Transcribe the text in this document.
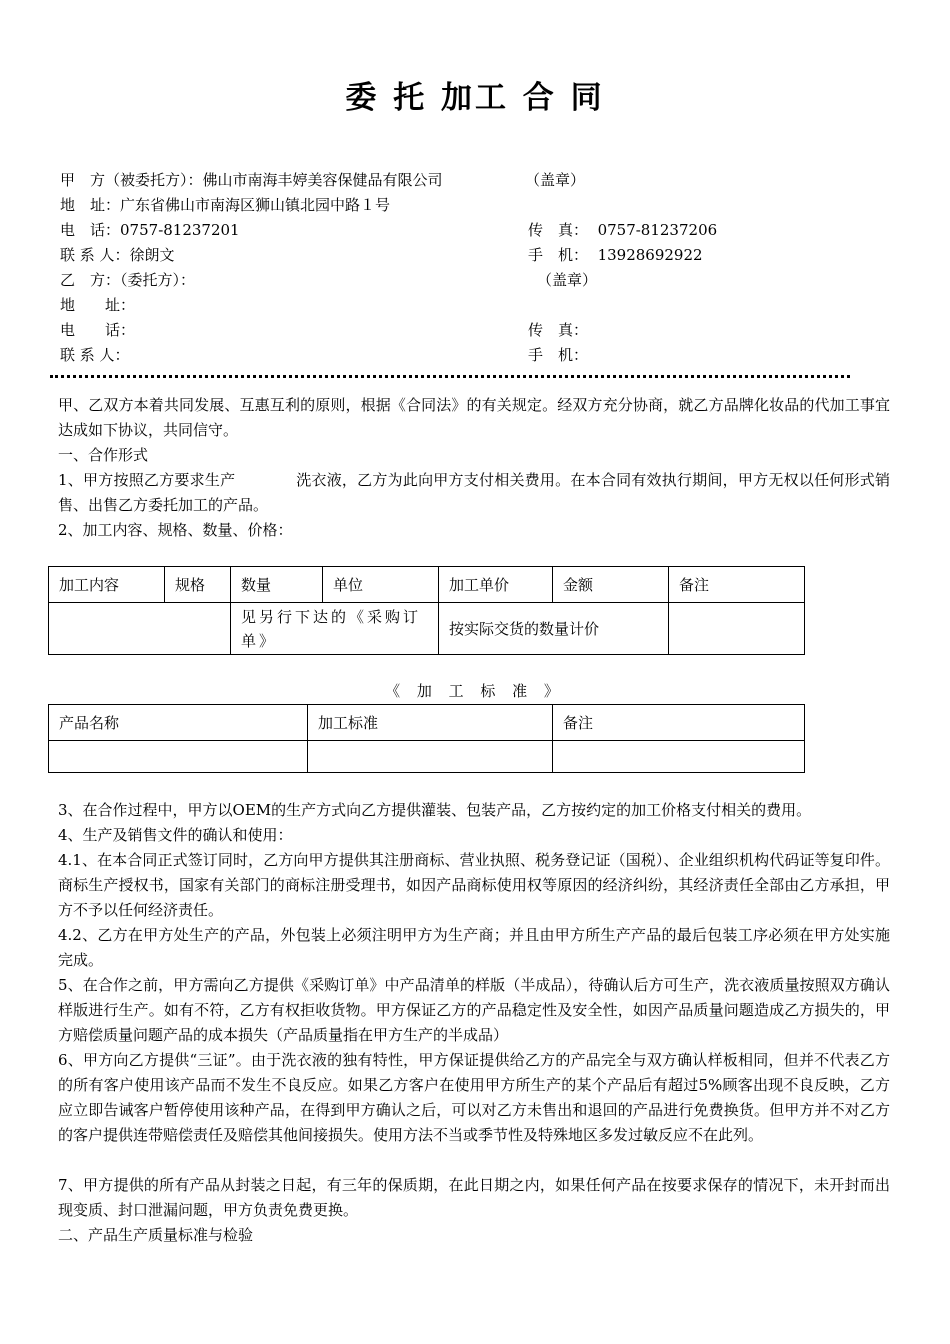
委 托 加工 合 同
甲　方（被委托方）：佛山市南海丰婷美容保健品有限公司	（盖章）
地　址：广东省佛山市南海区狮山镇北园中路１号
电　话：0757-81237201	传　真： 0757-81237206
联 系 人：徐朗文	手　机： 13928692922
乙　方：（委托方）：	（盖章）
地　　址：
电　　话：	传　真：
联 系 人：	手　机：
甲、乙双方本着共同发展、互惠互利的原则，根据《合同法》的有关规定。经双方充分协商，就乙方品牌化妆品的代加工事宜达成如下协议，共同信守。
一、合作形式
1、甲方按照乙方要求生产　　　　洗衣液，乙方为此向甲方支付相关费用。在本合同有效执行期间，甲方无权以任何形式销售、出售乙方委托加工的产品。
2、加工内容、规格、数量、价格：
加工内容	规格	数量	单位	加工单价	金额	备注
		见另行下达的《采购订单》		按实际交货的数量计价		
《 加 工 标 准 》
产品名称	加工标准	备注

3、在合作过程中，甲方以OEM的生产方式向乙方提供灌装、包装产品，乙方按约定的加工价格支付相关的费用。
4、生产及销售文件的确认和使用：
4.1、在本合同正式签订同时，乙方向甲方提供其注册商标、营业执照、税务登记证（国税）、企业组织机构代码证等复印件。商标生产授权书，国家有关部门的商标注册受理书，如因产品商标使用权等原因的经济纠纷，其经济责任全部由乙方承担，甲方不予以任何经济责任。
4.2、乙方在甲方处生产的产品，外包装上必须注明甲方为生产商；并且由甲方所生产产品的最后包装工序必须在甲方处实施完成。
5、在合作之前，甲方需向乙方提供《采购订单》中产品清单的样版（半成品），待确认后方可生产，洗衣液质量按照双方确认样版进行生产。如有不符，乙方有权拒收货物。甲方保证乙方的产品稳定性及安全性，如因产品质量问题造成乙方损失的，甲方赔偿质量问题产品的成本损失（产品质量指在甲方生产的半成品）
6、甲方向乙方提供“三证”。由于洗衣液的独有特性，甲方保证提供给乙方的产品完全与双方确认样板相同，但并不代表乙方的所有客户使用该产品而不发生不良反应。如果乙方客户在使用甲方所生产的某个产品后有超过5%顾客出现不良反映，乙方应立即告诫客户暂停使用该种产品，在得到甲方确认之后，可以对乙方未售出和退回的产品进行免费换货。但甲方并不对乙方的客户提供连带赔偿责任及赔偿其他间接损失。使用方法不当或季节性及特殊地区多发过敏反应不在此列。
7、甲方提供的所有产品从封装之日起，有三年的保质期，在此日期之内，如果任何产品在按要求保存的情况下，未开封而出现变质、封口泄漏问题，甲方负责免费更换。
二、产品生产质量标准与检验
